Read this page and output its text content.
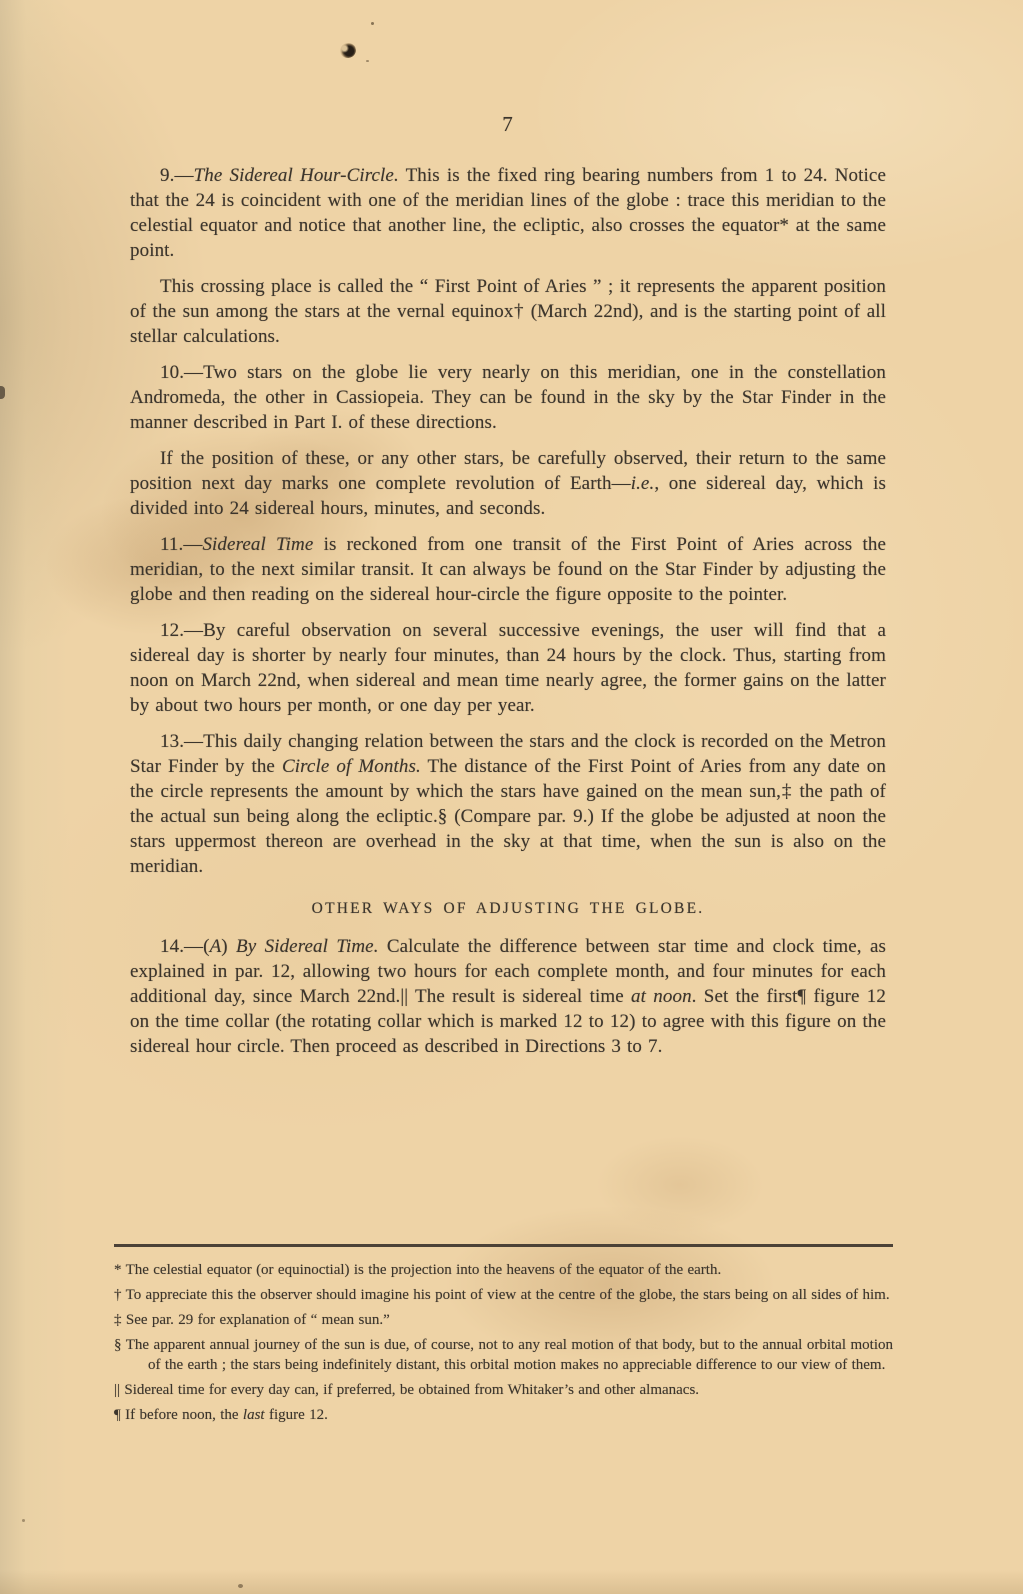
7

9.—The Sidereal Hour-Circle. This is the fixed ring bearing numbers from 1 to 24. Notice that the 24 is coincident with one of the meridian lines of the globe : trace this meridian to the celestial equator and notice that another line, the ecliptic, also crosses the equator* at the same point.

This crossing place is called the “ First Point of Aries ” ; it represents the apparent position of the sun among the stars at the vernal equinox† (March 22nd), and is the starting point of all stellar calculations.

10.—Two stars on the globe lie very nearly on this meridian, one in the constellation Andromeda, the other in Cassiopeia. They can be found in the sky by the Star Finder in the manner described in Part I. of these directions.

If the position of these, or any other stars, be carefully observed, their return to the same position next day marks one complete revolution of Earth—i.e., one sidereal day, which is divided into 24 sidereal hours, minutes, and seconds.

11.—Sidereal Time is reckoned from one transit of the First Point of Aries across the meridian, to the next similar transit. It can always be found on the Star Finder by adjusting the globe and then reading on the sidereal hour-circle the figure opposite to the pointer.

12.—By careful observation on several successive evenings, the user will find that a sidereal day is shorter by nearly four minutes, than 24 hours by the clock. Thus, starting from noon on March 22nd, when sidereal and mean time nearly agree, the former gains on the latter by about two hours per month, or one day per year.

13.—This daily changing relation between the stars and the clock is recorded on the Metron Star Finder by the Circle of Months. The distance of the First Point of Aries from any date on the circle represents the amount by which the stars have gained on the mean sun,‡ the path of the actual sun being along the ecliptic.§ (Compare par. 9.) If the globe be adjusted at noon the stars uppermost thereon are overhead in the sky at that time, when the sun is also on the meridian.

OTHER WAYS OF ADJUSTING THE GLOBE.

14.—(A) By Sidereal Time. Calculate the difference between star time and clock time, as explained in par. 12, allowing two hours for each complete month, and four minutes for each additional day, since March 22nd.|| The result is sidereal time at noon. Set the first¶ figure 12 on the time collar (the rotating collar which is marked 12 to 12) to agree with this figure on the sidereal hour circle. Then proceed as described in Directions 3 to 7.

* The celestial equator (or equinoctial) is the projection into the heavens of the equator of the earth.

† To appreciate this the observer should imagine his point of view at the centre of the globe, the stars being on all sides of him.

‡ See par. 29 for explanation of “ mean sun.”

§ The apparent annual journey of the sun is due, of course, not to any real motion of that body, but to the annual orbital motion of the earth ; the stars being indefinitely distant, this orbital motion makes no appreciable difference to our view of them.

|| Sidereal time for every day can, if preferred, be obtained from Whitaker’s and other almanacs.

¶ If before noon, the last figure 12.
